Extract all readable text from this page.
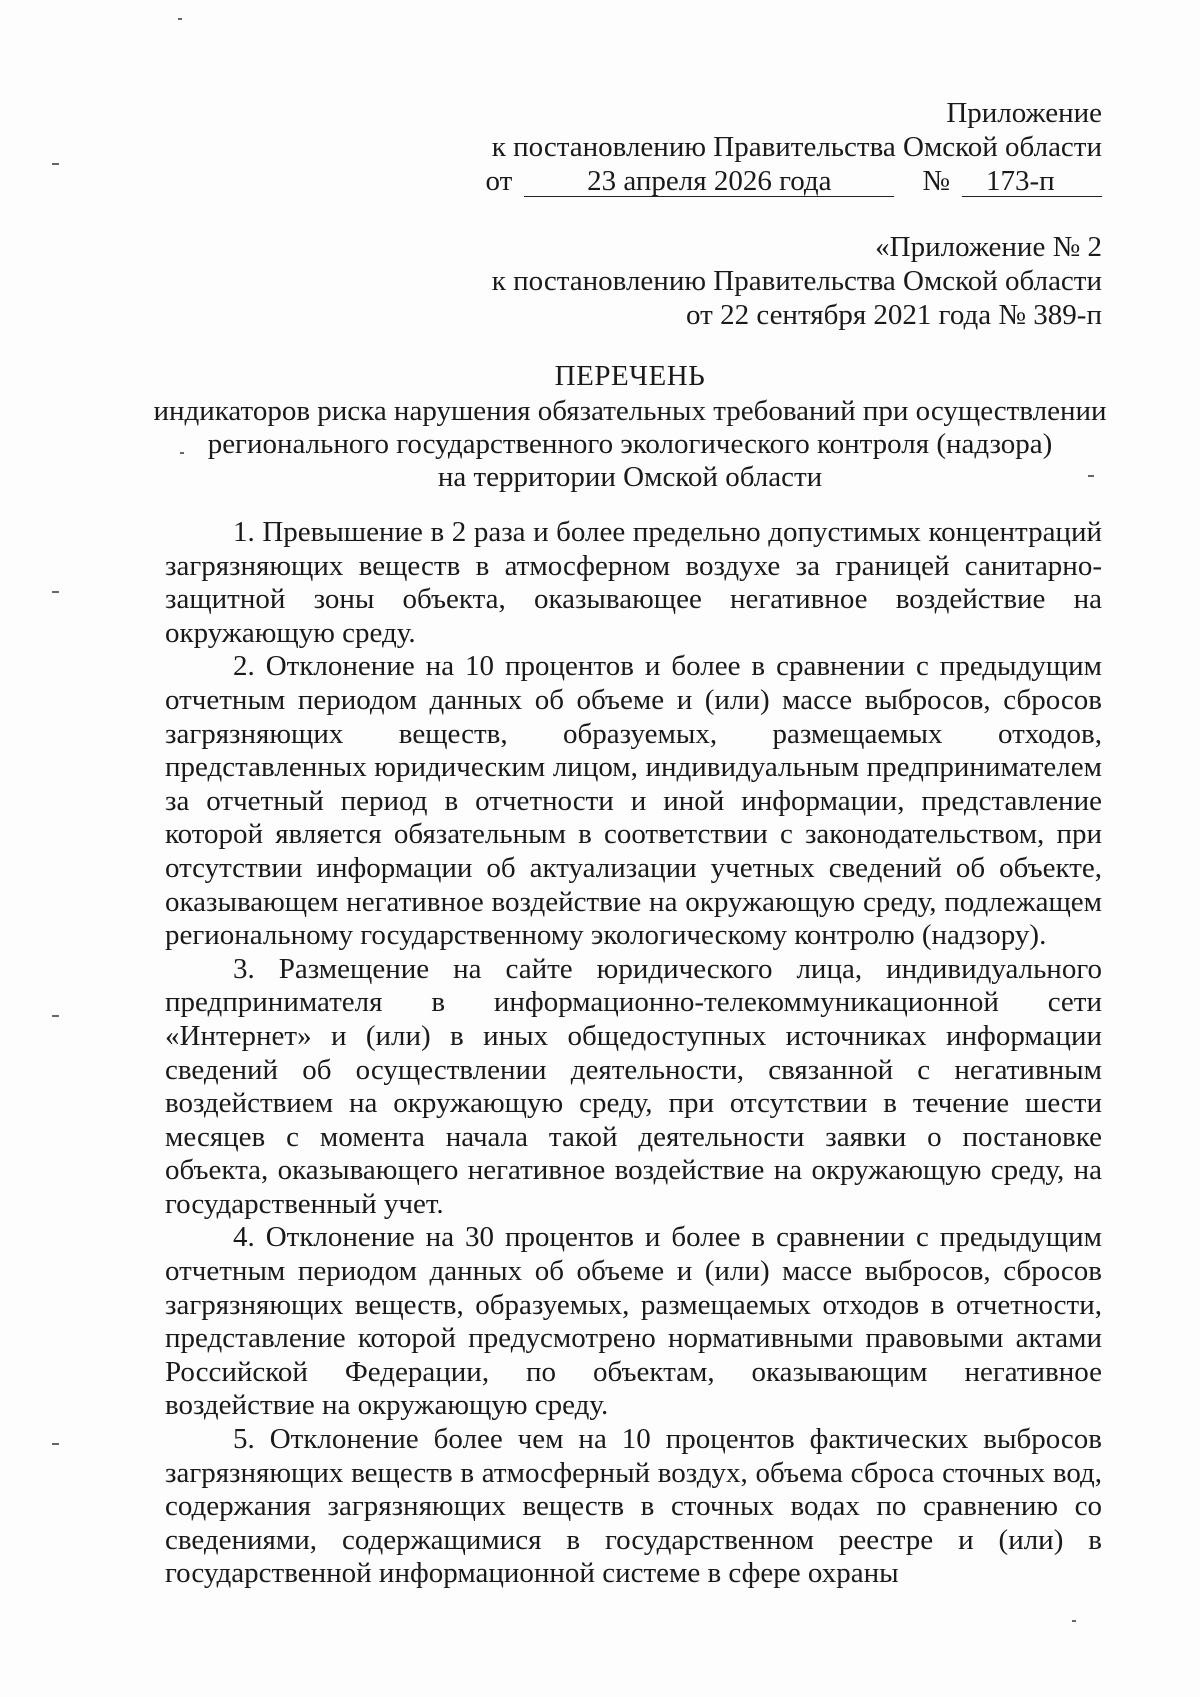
Приложение
к постановлению Правительства Омской области
от	23 апреля 2026 года	№ 173-п
«Приложение № 2
к постановлению Правительства Омской области
от 22 сентября 2021 года № 389-п
ПЕРЕЧЕНЬ
индикаторов риска нарушения обязательных требований при осуществлении
регионального государственного экологического контроля (надзора)
на территории Омской области

1. Превышение в 2 раза и более предельно допустимых концентраций загрязняющих веществ в атмосферном воздухе за границей санитарно-защитной зоны объекта, оказывающее негативное воздействие на окружающую среду.

2. Отклонение на 10 процентов и более в сравнении с предыдущим отчетным периодом данных об объеме и (или) массе выбросов, сбросов загрязняющих веществ, образуемых, размещаемых отходов, представленных юридическим лицом, индивидуальным предпринимателем за отчетный период в отчетности и иной информации, представление которой является обязательным в соответствии с законодательством, при отсутствии информации об актуализации учетных сведений об объекте, оказывающем негативное воздействие на окружающую среду, подлежащем региональному государственному экологическому контролю (надзору).

3. Размещение на сайте юридического лица, индивидуального предпринимателя в информационно-телекоммуникационной сети «Интернет» и (или) в иных общедоступных источниках информации сведений об осуществлении деятельности, связанной с негативным воздействием на окружающую среду, при отсутствии в течение шести месяцев с момента начала такой деятельности заявки о постановке объекта, оказывающего негативное воздействие на окружающую среду, на государственный учет.

4. Отклонение на 30 процентов и более в сравнении с предыдущим отчетным периодом данных об объеме и (или) массе выбросов, сбросов загрязняющих веществ, образуемых, размещаемых отходов в отчетности, представление которой предусмотрено нормативными правовыми актами Российской Федерации, по объектам, оказывающим негативное воздействие на окружающую среду.

5. Отклонение более чем на 10 процентов фактических выбросов загрязняющих веществ в атмосферный воздух, объема сброса сточных вод, содержания загрязняющих веществ в сточных водах по сравнению со сведениями, содержащимися в государственном реестре и (или) в государственной информационной системе в сфере охраны
